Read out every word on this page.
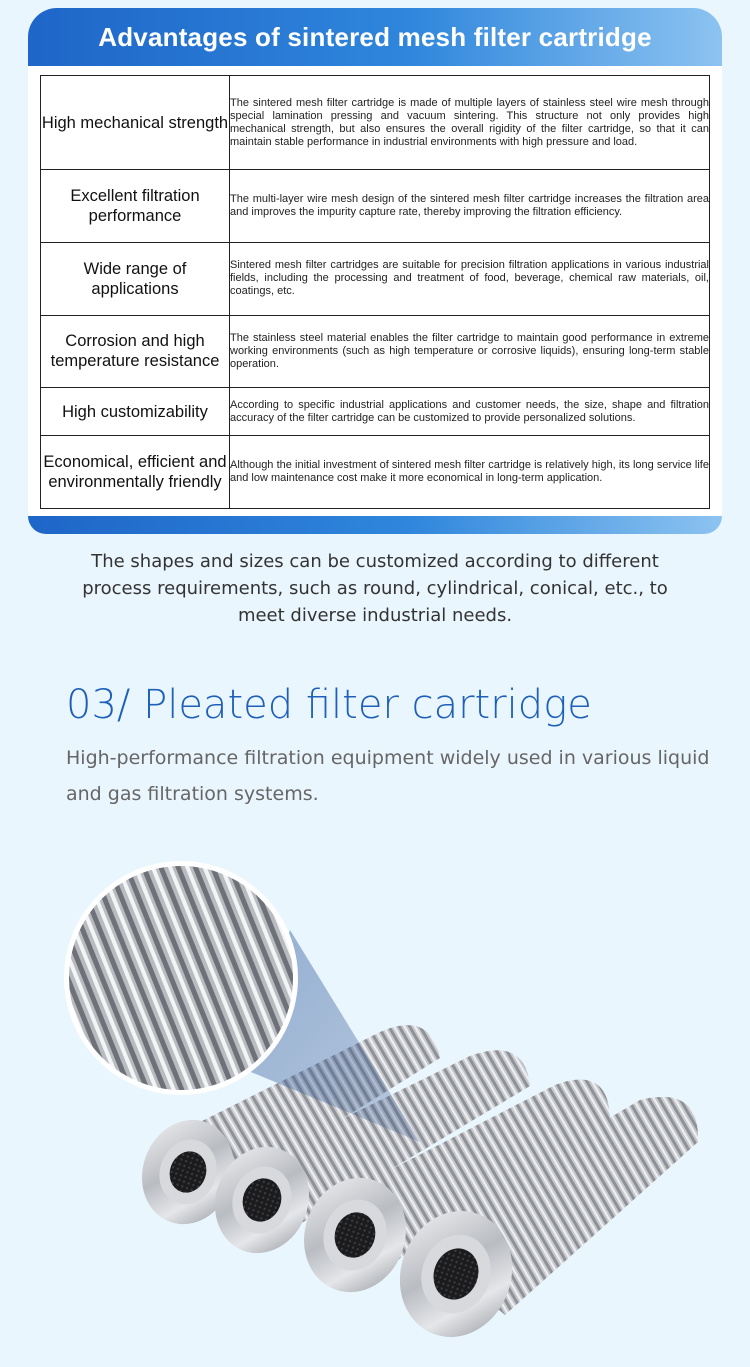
Advantages of sintered mesh filter cartridge
High mechanical strength	The sintered mesh filter cartridge is made of multiple layers of stainless steel wire mesh through special lamination pressing and vacuum sintering. This structure not only provides high mechanical strength, but also ensures the overall rigidity of the filter cartridge, so that it can maintain stable performance in industrial environments with high pressure and load.
Excellent filtration performance	The multi-layer wire mesh design of the sintered mesh filter cartridge increases the filtration area and improves the impurity capture rate, thereby improving the filtration efficiency.
Wide range of applications	Sintered mesh filter cartridges are suitable for precision filtration applications in various industrial fields, including the processing and treatment of food, beverage, chemical raw materials, oil, coatings, etc.
Corrosion and high temperature resistance	The stainless steel material enables the filter cartridge to maintain good performance in extreme working environments (such as high temperature or corrosive liquids), ensuring long-term stable operation.
High customizability	According to specific industrial applications and customer needs, the size, shape and filtration accuracy of the filter cartridge can be customized to provide personalized solutions.
Economical, efficient and environmentally friendly	Although the initial investment of sintered mesh filter cartridge is relatively high, its long service life and low maintenance cost make it more economical in long-term application.
The shapes and sizes can be customized according to different process requirements, such as round, cylindrical, conical, etc., to meet diverse industrial needs.
03/ Pleated filter cartridge
High-performance filtration equipment widely used in various liquid and gas filtration systems.
